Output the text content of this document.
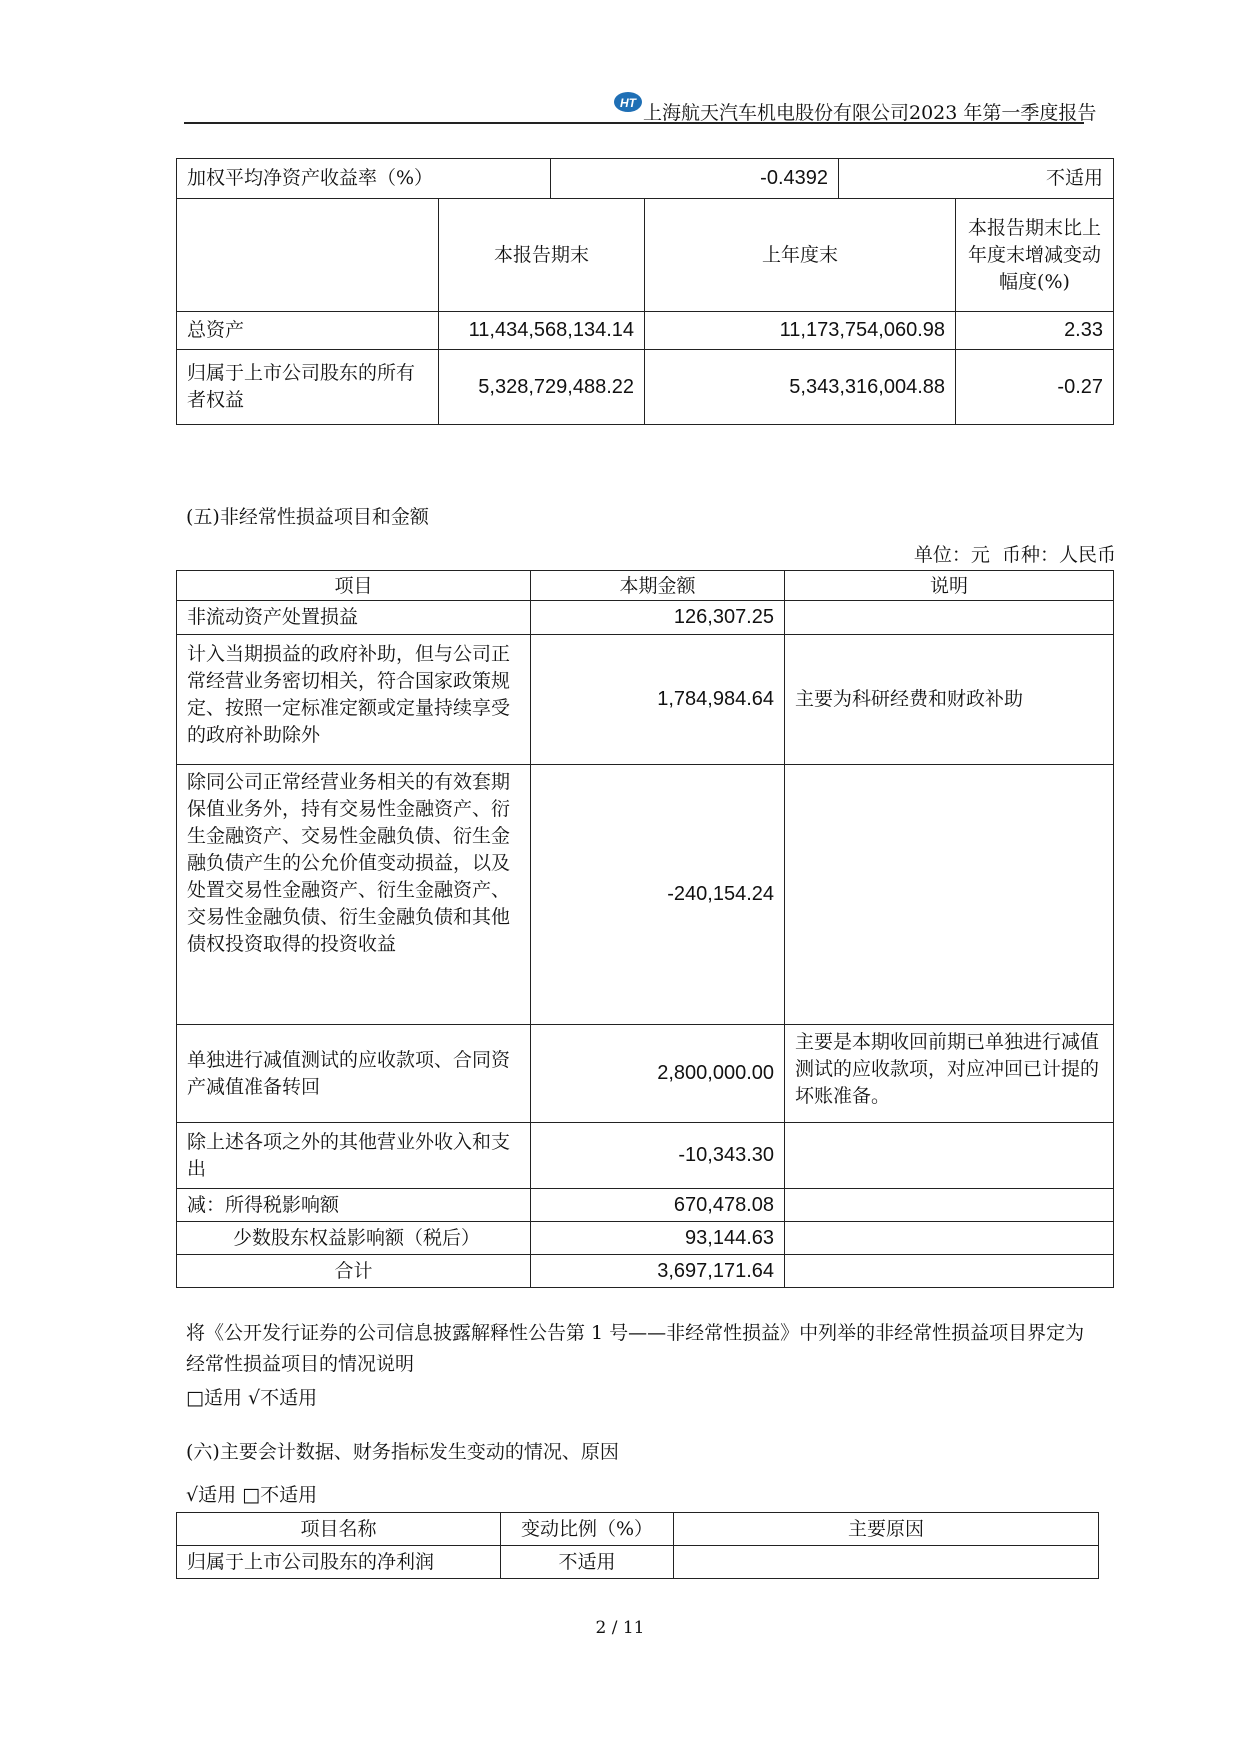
HT 上海航天汽车机电股份有限公司2023 年第一季度报告
加权平均净资产收益率（%）	-0.4392	不适用
	本报告期末	上年度末	本报告期末比上年度末增减变动幅度(%)
总资产	11,434,568,134.14	11,173,754,060.98	2.33
归属于上市公司股东的所有者权益	5,328,729,488.22	5,343,316,004.88	-0.27
(五)非经常性损益项目和金额
单位：元  币种：人民币
项目	本期金额	说明
非流动资产处置损益	126,307.25	
计入当期损益的政府补助，但与公司正常经营业务密切相关，符合国家政策规定、按照一定标准定额或定量持续享受的政府补助除外	1,784,984.64	主要为科研经费和财政补助
除同公司正常经营业务相关的有效套期保值业务外，持有交易性金融资产、衍生金融资产、交易性金融负债、衍生金融负债产生的公允价值变动损益，以及处置交易性金融资产、衍生金融资产、交易性金融负债、衍生金融负债和其他债权投资取得的投资收益	-240,154.24	
单独进行减值测试的应收款项、合同资产减值准备转回	2,800,000.00	主要是本期收回前期已单独进行减值测试的应收款项，对应冲回已计提的坏账准备。
除上述各项之外的其他营业外收入和支出	-10,343.30	
减：所得税影响额	670,478.08	
少数股东权益影响额（税后）	93,144.63	
合计	3,697,171.64	
将《公开发行证券的公司信息披露解释性公告第 1 号——非经常性损益》中列举的非经常性损益项目界定为经常性损益项目的情况说明
□适用 √不适用
(六)主要会计数据、财务指标发生变动的情况、原因
√适用 □不适用
项目名称	变动比例（%）	主要原因
归属于上市公司股东的净利润	不适用	
2 / 11
